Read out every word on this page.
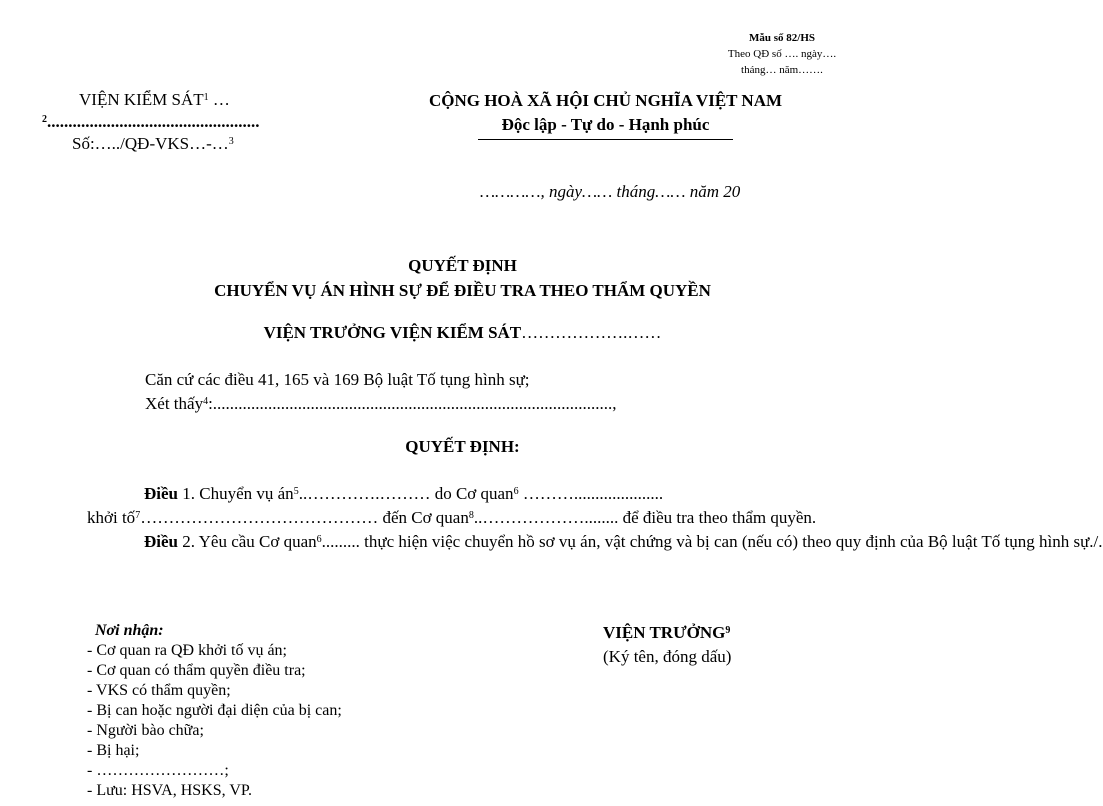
Mẫu số 82/HS
Theo QĐ số …. ngày….
tháng… năm…….
VIỆN KIỂM SÁT$^1$ …
$^2$..................................................
Số:…../QĐ-VKS…-…$^3$
CỘNG HOÀ XÃ HỘI CHỦ NGHĨA VIỆT NAM
Độc lập - Tự do - Hạnh phúc
…………, ngày…… tháng…… năm 20
QUYẾT ĐỊNH
CHUYỂN VỤ ÁN HÌNH SỰ ĐỂ ĐIỀU TRA THEO THẨM QUYỀN
VIỆN TRƯỞNG VIỆN KIỂM SÁT……………….……
Căn cứ các điều 41, 165 và 169 Bộ luật Tố tụng hình sự;
Xét thấy$^4$:..............................................................................................,
QUYẾT ĐỊNH:

Điều 1. Chuyển vụ $án^5..\dots\dots\dots\dots.\dots\dots\dots$ do Cơ quan$^6$ ……….....................

khởi tố$^7$…………………………………… đến Cơ quan$^8$..………………........ để điều tra theo thẩm quyền.

Điều 2. Yêu cầu Cơ quan$^6$......... thực hiện việc chuyển hồ sơ vụ án, vật chứng và bị can (nếu có) theo quy định của Bộ luật Tố tụng hình sự./.

Nơi nhận:
- Cơ quan ra QĐ khởi tố vụ án;
- Cơ quan có thẩm quyền điều tra;
- VKS có thẩm quyền;
- Bị can hoặc người đại diện của bị can;
- Người bào chữa;
- Bị hại;
- ……………………;
- Lưu: HSVA, HSKS, VP.
VIỆN TRƯỞNG$^9$
(Ký tên, đóng dấu)
